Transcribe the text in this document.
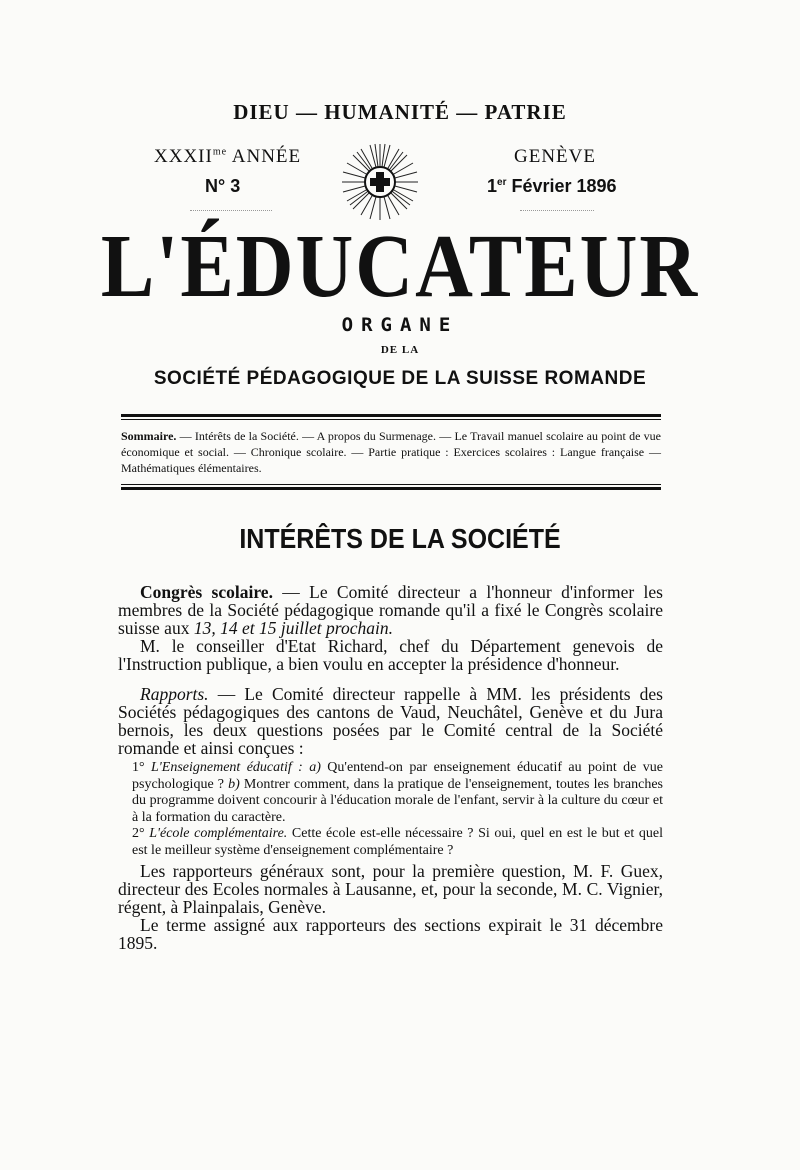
DIEU — HUMANITÉ — PATRIE
$XXXII^{me}$ ANNÉE
N° 3
GENÈVE
1er Février 1896
L'ÉDUCATEUR
ORGANE
DE LA
SOCIÉTÉ PÉDAGOGIQUE DE LA SUISSE ROMANDE
Sommaire. — Intérêts de la Société. — A propos du Surmenage. — Le Travail manuel scolaire au point de vue économique et social. — Chronique scolaire. — Partie pratique : Exercices scolaires : Langue française — Mathématiques élémentaires.
INTÉRÊTS DE LA SOCIÉTÉ

Congrès scolaire. — Le Comité directeur a l'honneur d'informer les membres de la Société pédagogique romande qu'il a fixé le Congrès scolaire suisse aux 13, 14 et 15 juillet prochain.

M. le conseiller d'Etat Richard, chef du Département genevois de l'Instruction publique, a bien voulu en accepter la présidence d'honneur.

Rapports. — Le Comité directeur rappelle à MM. les présidents des Sociétés pédagogiques des cantons de Vaud, Neuchâtel, Genève et du Jura bernois, les deux questions posées par le Comité central de la Société romande et ainsi conçues :

1° L'Enseignement éducatif : a) Qu'entend-on par enseignement éducatif au point de vue psychologique ? b) Montrer comment, dans la pratique de l'enseignement, toutes les branches du programme doivent concourir à l'éducation morale de l'enfant, servir à la culture du cœur et à la formation du caractère.

2° L'école complémentaire. Cette école est-elle nécessaire ? Si oui, quel en est le but et quel est le meilleur système d'enseignement complémentaire ?

Les rapporteurs généraux sont, pour la première question, M. F. Guex, directeur des Ecoles normales à Lausanne, et, pour la seconde, M. C. Vignier, régent, à Plainpalais, Genève.

Le terme assigné aux rapporteurs des sections expirait le 31 décembre 1895.
